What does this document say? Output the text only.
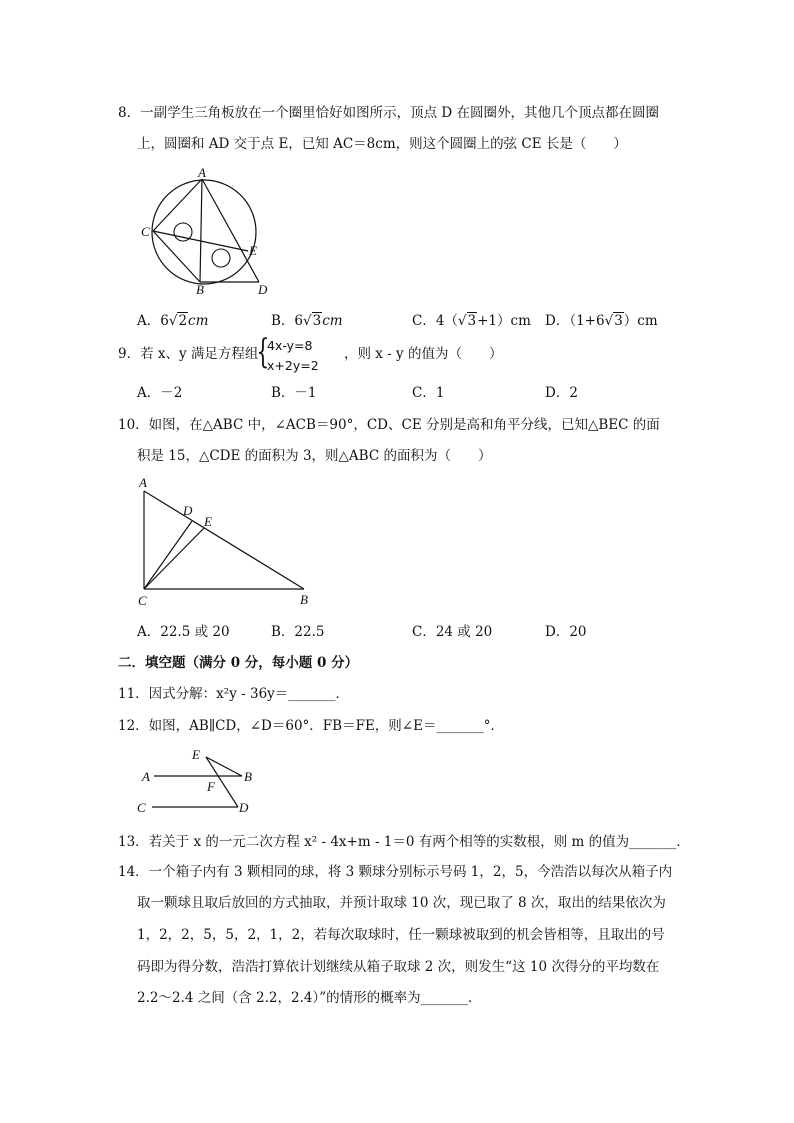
8．一副学生三角板放在一个圈里恰好如图所示，顶点 D 在圆圈外，其他几个顶点都在圆圈
上，圆圈和 AD 交于点 E，已知 AC＝8cm，则这个圆圈上的弦 CE 长是（　　）
A
C
E
B	D
A．6√2cm	B．6√3cm	C．4（√3+1）cm D．（1+6√3）cm
9．若 x、y 满足方程组
{
4x-y=8
x+2y=2
，则 x - y 的值为（　　）
A．－2	B．－1	C．1	D．2
10．如图，在△ABC 中，∠ACB＝90°，CD、CE 分别是高和角平分线，已知△BEC 的面
积是 15，△CDE 的面积为 3，则△ABC 的面积为（　　）
A
D
E
C	B
A．22.5 或 20	B．22.5	C．24 或 20	D．20
二．填空题（满分 0 分，每小题 0 分）
11．因式分解：x²y - 36y＝_______．
12．如图，AB∥CD，∠D＝60°．FB＝FE，则∠E＝_______°．
E
A	B
F
C	D
13．若关于 x 的一元二次方程 x² - 4x+m - 1＝0 有两个相等的实数根，则 m 的值为_______．
14．一个箱子内有 3 颗相同的球，将 3 颗球分别标示号码 1，2，5，今浩浩以每次从箱子内
取一颗球且取后放回的方式抽取，并预计取球 10 次，现已取了 8 次，取出的结果依次为
1，2，2，5，5，2，1，2，若每次取球时，任一颗球被取到的机会皆相等，且取出的号
码即为得分数，浩浩打算依计划继续从箱子取球 2 次，则发生“这 10 次得分的平均数在
2.2～2.4 之间（含 2.2，2.4）”的情形的概率为_______．
